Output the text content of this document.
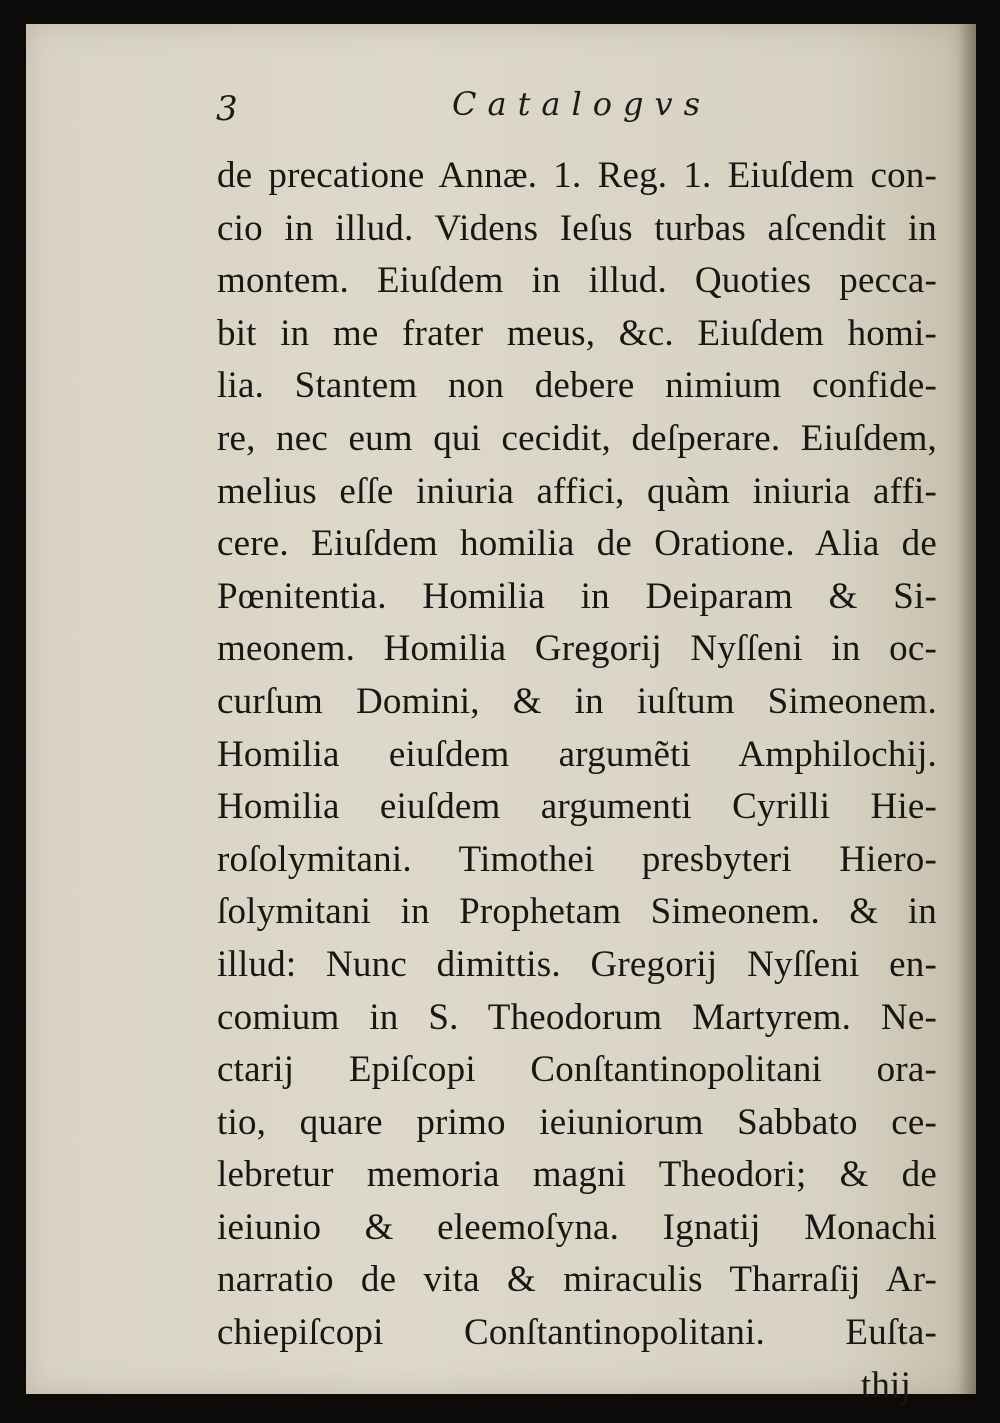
3	Catalogvs
de precatione Annæ. 1. Reg. 1. Eiuſdem con-
cio in illud. Videns Ieſus turbas aſcendit in
montem. Eiuſdem in illud. Quoties pecca-
bit in me frater meus, &c. Eiuſdem homi-
lia. Stantem non debere nimium confide-
re, nec eum qui cecidit, deſperare. Eiuſdem,
melius eſſe iniuria affici, quàm iniuria affi-
cere. Eiuſdem homilia de Oratione. Alia de
Pœnitentia. Homilia in Deiparam & Si-
meonem. Homilia Gregorij Nyſſeni in oc-
curſum Domini, & in iuſtum Simeonem.
Homilia eiuſdem argumẽti Amphilochij.
Homilia eiuſdem argumenti Cyrilli Hie-
roſolymitani. Timothei presbyteri Hiero-
ſolymitani in Prophetam Simeonem. & in
illud: Nunc dimittis. Gregorij Nyſſeni en-
comium in S. Theodorum Martyrem. Ne-
ctarij Epiſcopi Conſtantinopolitani ora-
tio, quare primo ieiuniorum Sabbato ce-
lebretur memoria magni Theodori; & de
ieiunio & eleemoſyna. Ignatij Monachi
narratio de vita & miraculis Tharraſij Ar-
chiepiſcopi Conſtantinopolitani. Euſta-
thij
